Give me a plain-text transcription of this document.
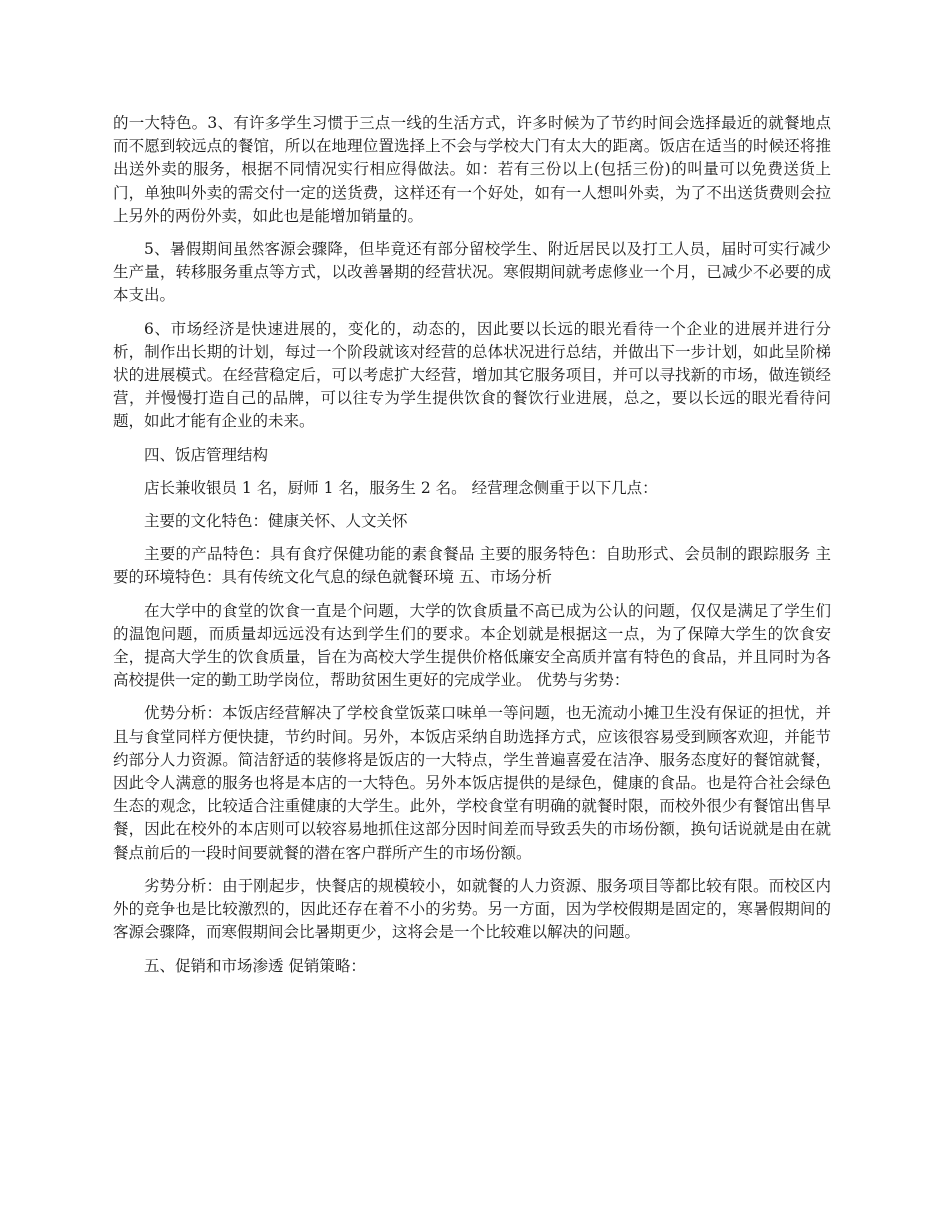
的一大特色。3、有许多学生习惯于三点一线的生活方式，许多时候为了节约时间会选择最近的就餐地点而不愿到较远点的餐馆，所以在地理位置选择上不会与学校大门有太大的距离。饭店在适当的时候还将推出送外卖的服务，根据不同情况实行相应得做法。如：若有三份以上(包括三份)的叫量可以免费送货上门，单独叫外卖的需交付一定的送货费，这样还有一个好处，如有一人想叫外卖，为了不出送货费则会拉上另外的两份外卖，如此也是能增加销量的。

5、暑假期间虽然客源会骤降，但毕竟还有部分留校学生、附近居民以及打工人员，届时可实行减少生产量，转移服务重点等方式，以改善暑期的经营状况。寒假期间就考虑修业一个月，已减少不必要的成本支出。

6、市场经济是快速进展的，变化的，动态的，因此要以长远的眼光看待一个企业的进展并进行分析，制作出长期的计划，每过一个阶段就该对经营的总体状况进行总结，并做出下一步计划，如此呈阶梯状的进展模式。在经营稳定后，可以考虑扩大经营，增加其它服务项目，并可以寻找新的市场，做连锁经营，并慢慢打造自己的品牌，可以往专为学生提供饮食的餐饮行业进展，总之，要以长远的眼光看待问题，如此才能有企业的未来。

四、饭店管理结构

店长兼收银员 1 名，厨师 1 名，服务生 2 名。 经营理念侧重于以下几点：

主要的文化特色：健康关怀、人文关怀

主要的产品特色：具有食疗保健功能的素食餐品 主要的服务特色：自助形式、会员制的跟踪服务 主要的环境特色：具有传统文化气息的绿色就餐环境 五、市场分析

在大学中的食堂的饮食一直是个问题，大学的饮食质量不高已成为公认的问题，仅仅是满足了学生们的温饱问题，而质量却远远没有达到学生们的要求。本企划就是根据这一点，为了保障大学生的饮食安全，提高大学生的饮食质量，旨在为高校大学生提供价格低廉安全高质并富有特色的食品，并且同时为各高校提供一定的勤工助学岗位，帮助贫困生更好的完成学业。 优势与劣势：

优势分析：本饭店经营解决了学校食堂饭菜口味单一等问题，也无流动小摊卫生没有保证的担忧，并且与食堂同样方便快捷，节约时间。另外，本饭店采纳自助选择方式，应该很容易受到顾客欢迎，并能节约部分人力资源。简洁舒适的装修将是饭店的一大特点，学生普遍喜爱在洁净、服务态度好的餐馆就餐，因此令人满意的服务也将是本店的一大特色。另外本饭店提供的是绿色，健康的食品。也是符合社会绿色生态的观念，比较适合注重健康的大学生。此外，学校食堂有明确的就餐时限，而校外很少有餐馆出售早餐，因此在校外的本店则可以较容易地抓住这部分因时间差而导致丢失的市场份额，换句话说就是由在就餐点前后的一段时间要就餐的潜在客户群所产生的市场份额。

劣势分析：由于刚起步，快餐店的规模较小，如就餐的人力资源、服务项目等都比较有限。而校区内外的竞争也是比较激烈的，因此还存在着不小的劣势。另一方面，因为学校假期是固定的，寒暑假期间的客源会骤降，而寒假期间会比暑期更少，这将会是一个比较难以解决的问题。

五、促销和市场渗透 促销策略：
